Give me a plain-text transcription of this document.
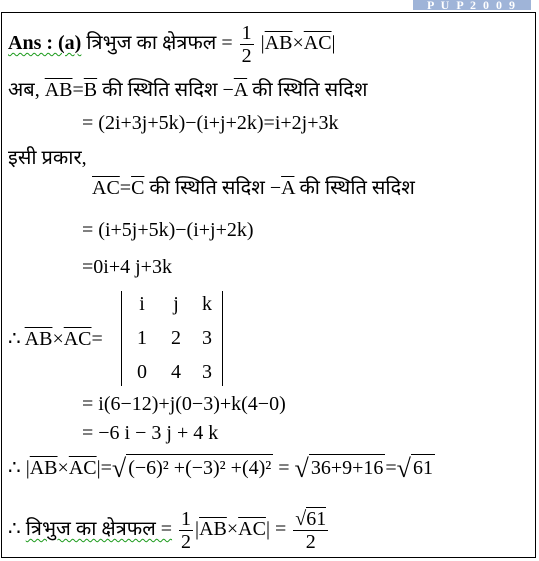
P U P 2 0 0 9
Ans : (a) त्रिभुज का क्षेत्रफल = $\frac{1}{2} |\overline{AB}\times\overline{AC}|$
अब, $\overline{AB}=\overline{B}$ की स्थिति सदिश $-\overline{A}$ की स्थिति सदिश
= (2i+3j+5k)−(i+j+2k)=i+2j+3k
इसी प्रकार,
$\overline{AC}=\overline{C}$ की स्थिति सदिश $-\overline{A}$ की स्थिति सदिश
= (i+5j+5k)−(i+j+2k)
=0i+4 j+3k
∴ $\overline{AB}\times\overline{AC}=$
i	j	k
1 2 3
0 4 3
= i(6−12)+j(0−3)+k(4−0)
= −6 i − 3 j + 4 k
∴ $|\overline{AB}\times\overline{AC}|=√$ (−6)² +(−3)² +(4)² = √ 36+9+16 =√ 61
∴ त्रिभुज का क्षेत्रफल = $\frac{1}{2} |\overline{AB}\times\overline{AC}| = \frac{√61}{2}$
